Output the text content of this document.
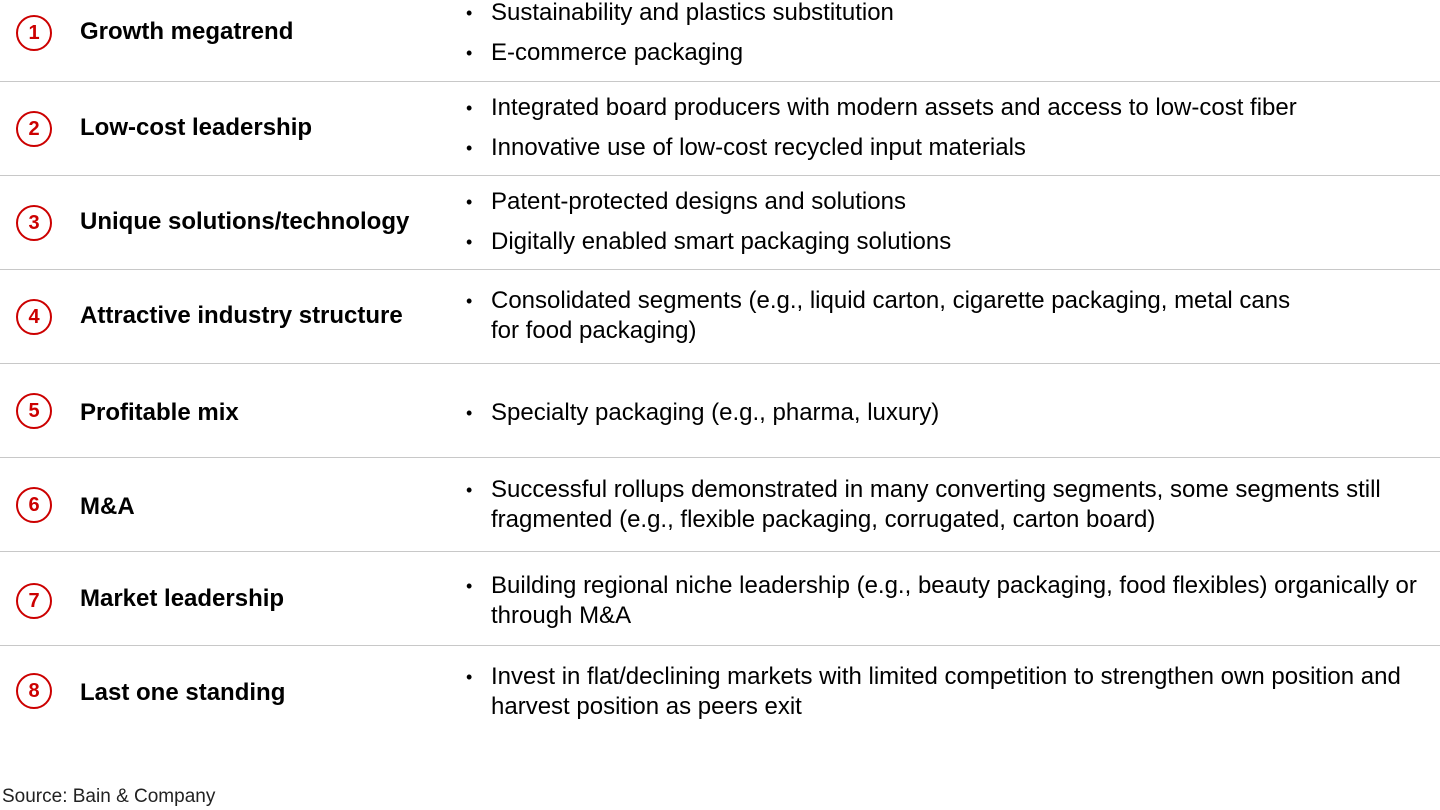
1	Growth megatrend
• Sustainability and plastics substitution
• E-commerce packaging
2	Low-cost leadership
• Integrated board producers with modern assets and access to low-cost fiber
• Innovative use of low-cost recycled input materials
3	Unique solutions/technology
• Patent-protected designs and solutions
• Digitally enabled smart packaging solutions
4	Attractive industry structure
• Consolidated segments (e.g., liquid carton, cigarette packaging, metal cans for food packaging)
5	Profitable mix	• Specialty packaging (e.g., pharma, luxury)
6	M&A
• Successful rollups demonstrated in many converting segments, some segments still fragmented (e.g., flexible packaging, corrugated, carton board)
7	Market leadership	• Building regional niche leadership (e.g., beauty packaging, food flexibles) organically or through M&A
8	Last one standing
• Invest in flat/declining markets with limited competition to strengthen own position and harvest position as peers exit
Source: Bain & Company
